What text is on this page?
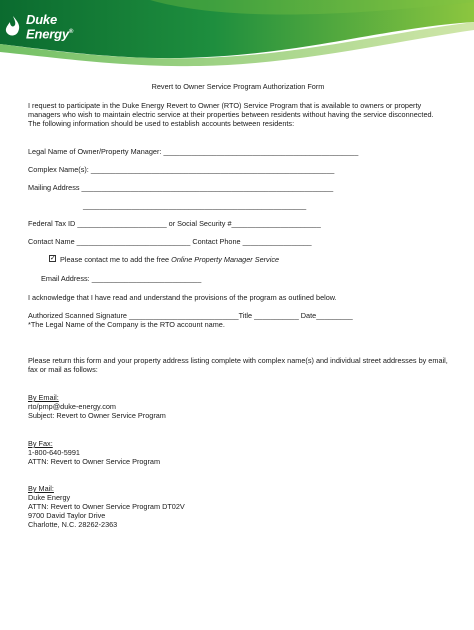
Duke
Energy®
Revert to Owner Service Program Authorization Form
I request to participate in the Duke Energy Revert to Owner (RTO) Service Program that is available to owners or property managers who wish to maintain electric service at their properties between residents without having the service disconnected. The following information should be used to establish accounts between residents:
Legal Name of Owner/Property Manager: ________________________________________________
Complex Name(s): ____________________________________________________________
Mailing Address ______________________________________________________________
_______________________________________________________
Federal Tax ID ______________________ or Social Security #______________________
Contact Name ____________________________ Contact Phone _________________
✓ Please contact me to add the free Online Property Manager Service
Email Address: ___________________________
I acknowledge that I have read and understand the provisions of the program as outlined below.
Authorized Scanned Signature ___________________________Title ___________ Date_________
*The Legal Name of the Company is the RTO account name.
Please return this form and your property address listing complete with complex name(s) and individual street addresses by email, fax or mail as follows:
By Email:
rto/pmp@duke-energy.com
Subject: Revert to Owner Service Program
By Fax:
1-800-640-5991
ATTN: Revert to Owner Service Program
By Mail:
Duke Energy
ATTN: Revert to Owner Service Program DT02V
9700 David Taylor Drive
Charlotte, N.C. 28262-2363
